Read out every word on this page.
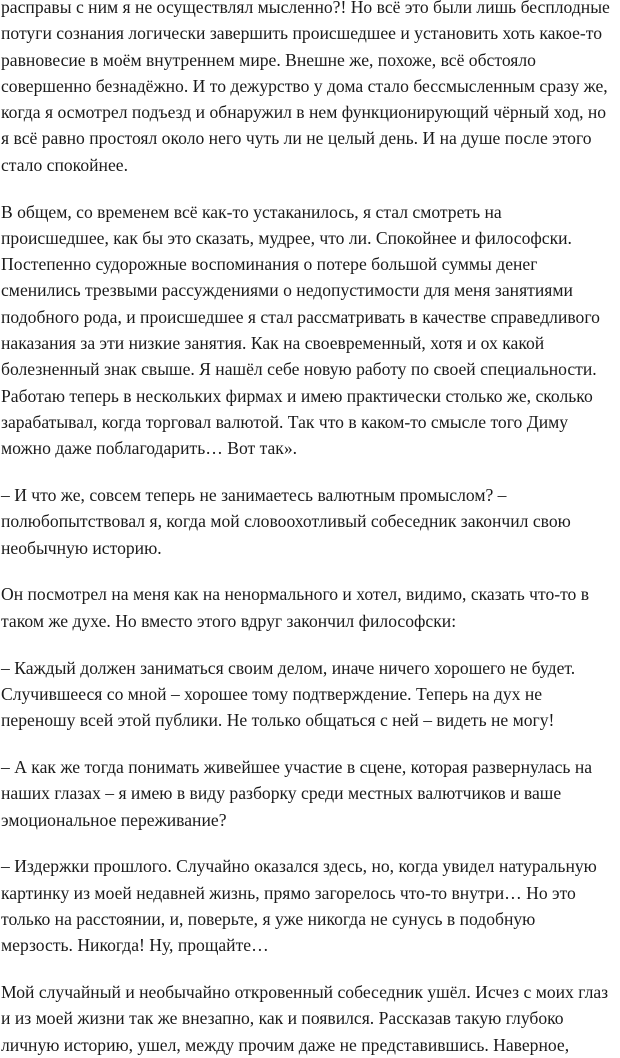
расправы с ним я не осуществлял мысленно?! Но всё это были лишь бесплодные
потуги сознания логически завершить происшедшее и установить хоть какое-то
равновесие в моём внутреннем мире. Внешне же, похоже, всё обстояло
совершенно безнадёжно. И то дежурство у дома стало бессмысленным сразу же,
когда я осмотрел подъезд и обнаружил в нем функционирующий чёрный ход, но
я всё равно простоял около него чуть ли не целый день. И на душе после этого
стало спокойнее.
В общем, со временем всё как-то устаканилось, я стал смотреть на
происшедшее, как бы это сказать, мудрее, что ли. Спокойнее и философски.
Постепенно судорожные воспоминания о потере большой суммы денег
сменились трезвыми рассуждениями о недопустимости для меня занятиями
подобного рода, и происшедшее я стал рассматривать в качестве справедливого
наказания за эти низкие занятия. Как на своевременный, хотя и ох какой
болезненный знак свыше. Я нашёл себе новую работу по своей специальности.
Работаю теперь в нескольких фирмах и имею практически столько же, сколько
зарабатывал, когда торговал валютой. Так что в каком-то смысле того Диму
можно даже поблагодарить… Вот так».
– И что же, совсем теперь не занимаетесь валютным промыслом? –
полюбопытствовал я, когда мой словоохотливый собеседник закончил свою
необычную историю.
Он посмотрел на меня как на ненормального и хотел, видимо, сказать что-то в
таком же духе. Но вместо этого вдруг закончил философски:
– Каждый должен заниматься своим делом, иначе ничего хорошего не будет.
Случившееся со мной – хорошее тому подтверждение. Теперь на дух не
переношу всей этой публики. Не только общаться с ней – видеть не могу!
– А как же тогда понимать живейшее участие в сцене, которая развернулась на
наших глазах – я имею в виду разборку среди местных валютчиков и ваше
эмоциональное переживание?
– Издержки прошлого. Случайно оказался здесь, но, когда увидел натуральную
картинку из моей недавней жизнь, прямо загорелось что-то внутри… Но это
только на расстоянии, и, поверьте, я уже никогда не сунусь в подобную
мерзость. Никогда! Ну, прощайте…
Мой случайный и необычайно откровенный собеседник ушёл. Исчез с моих глаз
и из моей жизни так же внезапно, как и появился. Рассказав такую глубоко
личную историю, ушел, между прочим даже не представившись. Наверное,
